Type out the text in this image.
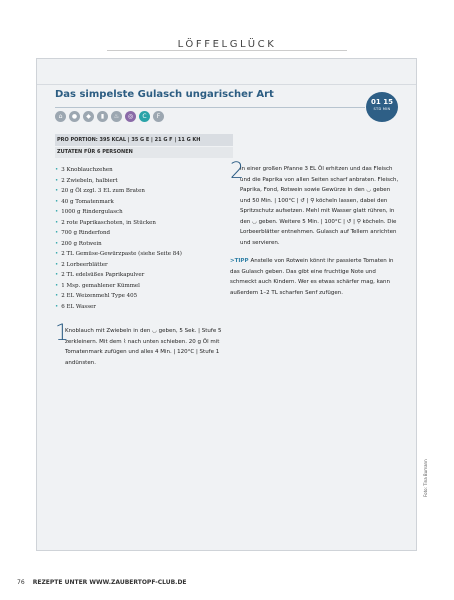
LÖFFELGLÜCK
Das simpelste Gulasch ungarischer Art
01 15
STD MIN
⌂	●	◆	▮	♨	◎	C	F
PRO PORTION: 395 KCAL | 35 G E | 21 G F | 11 G KH
ZUTATEN FÜR 6 PERSONEN
• 3 Knoblauchzehen
• 2 Zwiebeln, halbiert
• 20 g Öl zzgl. 3 EL zum Braten
• 40 g Tomatenmark
• 1000 g Rindergulasch
• 2 rote Paprikaschoten, in Stücken
• 700 g Rinderfond
• 200 g Rotwein
• 2 TL Gemüse-Gewürzpaste (siehe Seite 84)
• 2 Lorbeerblätter
• 2 TL edelsüßes Paprikapulver
• 1 Msp. gemahlener Kümmel
• 2 EL Weizenmehl Type 405
• 6 EL Wasser
1
Knoblauch mit Zwiebeln in den ◡ geben, 5 Sek. | Stufe 5 zerkleinern. Mit dem ⌇ nach unten schieben. 20 g Öl mit Tomatenmark zufügen und alles 4 Min. | 120°C | Stufe 1 andünsten.
2
In einer großen Pfanne 3 EL Öl erhitzen und das Fleisch und die Paprika von allen Seiten scharf anbraten. Fleisch, Paprika, Fond, Rotwein sowie Gewürze in den ◡ geben und 50 Min. | 100°C | ↺ | ⚲ köcheln lassen, dabei den Spritzschutz aufsetzen. Mehl mit Wasser glatt rühren, in den ◡ geben. Weitere 5 Min. | 100°C | ↺ | ⚲ köcheln. Die Lorbeerblätter entnehmen. Gulasch auf Tellern anrichten und servieren.
>TIPP Anstelle von Rotwein könnt ihr passierte Tomaten in das Gulasch geben. Das gibt eine fruchtige Note und schmeckt auch Kindern. Wer es etwas schärfer mag, kann außerdem 1–2 TL scharfen Senf zufügen.
Foto: Tina Bumann
76 REZEPTE UNTER WWW.ZAUBERTOPF-CLUB.DE
